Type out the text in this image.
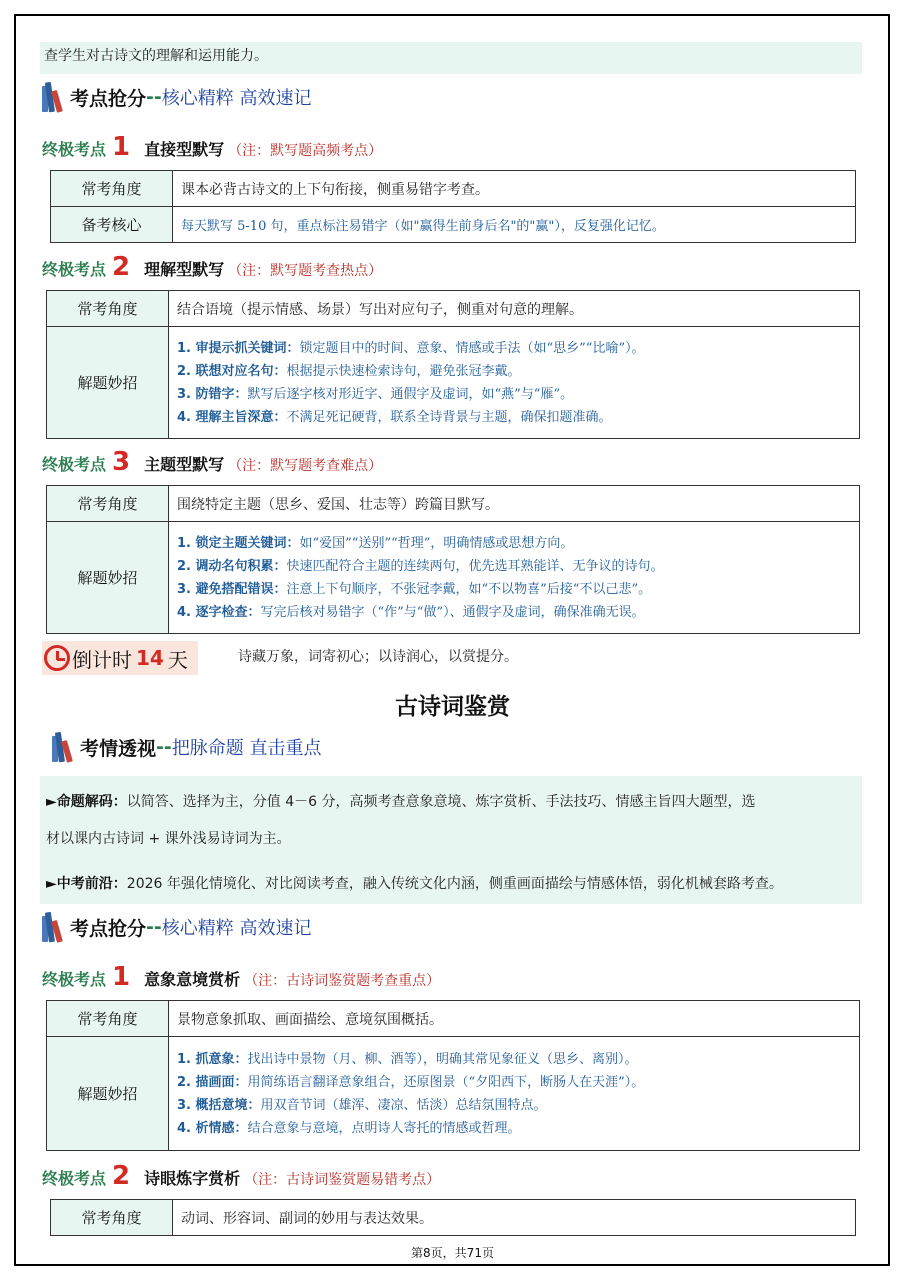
查学生对古诗文的理解和运用能力。
考点抢分 -- 核心精粹 高效速记
终极考点 1 直接型默写 （注：默写题高频考点）
常考角度	课本必背古诗文的上下句衔接，侧重易错字考查。
备考核心	每天默写 5-10 句，重点标注易错字（如"赢得生前身后名"的"赢"），反复强化记忆。
终极考点 2 理解型默写 （注：默写题考查热点）
常考角度	结合语境（提示情感、场景）写出对应句子，侧重对句意的理解。
解题妙招	1. 审提示抓关键词：锁定题目中的时间、意象、情感或手法（如“思乡”“比喻”）。
2. 联想对应名句：根据提示快速检索诗句，避免张冠李戴。
3. 防错字：默写后逐字核对形近字、通假字及虚词，如“燕”与“雁”。
4. 理解主旨深意：不满足死记硬背，联系全诗背景与主题，确保扣题准确。
终极考点 3 主题型默写 （注：默写题考查难点）
常考角度	围绕特定主题（思乡、爱国、壮志等）跨篇目默写。
解题妙招	1. 锁定主题关键词：如“爱国”“送别”“哲理”，明确情感或思想方向。
2. 调动名句积累：快速匹配符合主题的连续两句，优先选耳熟能详、无争议的诗句。
3. 避免搭配错误：注意上下句顺序，不张冠李戴，如“不以物喜”后接“不以己悲”。
4. 逐字检查：写完后核对易错字（“作”与“做”）、通假字及虚词，确保准确无误。
倒计时 14 天	诗藏万象，词寄初心；以诗润心，以赏提分。
古诗词鉴赏
考情透视 -- 把脉命题 直击重点
►命题解码：以简答、选择为主，分值 4－6 分，高频考查意象意境、炼字赏析、手法技巧、情感主旨四大题型，选
材以课内古诗词 + 课外浅易诗词为主。
►中考前沿：2026 年强化情境化、对比阅读考查，融入传统文化内涵，侧重画面描绘与情感体悟，弱化机械套路考查。
考点抢分 -- 核心精粹 高效速记
终极考点 1 意象意境赏析 （注：古诗词鉴赏题考查重点）
常考角度	景物意象抓取、画面描绘、意境氛围概括。
解题妙招	1. 抓意象：找出诗中景物（月、柳、酒等），明确其常见象征义（思乡、离别）。
2. 描画面：用简练语言翻译意象组合，还原图景（“夕阳西下，断肠人在天涯”）。
3. 概括意境：用双音节词（雄浑、凄凉、恬淡）总结氛围特点。
4. 析情感：结合意象与意境，点明诗人寄托的情感或哲理。
终极考点 2 诗眼炼字赏析 （注：古诗词鉴赏题易错考点）
常考角度	动词、形容词、副词的妙用与表达效果。
第8页，共71页
